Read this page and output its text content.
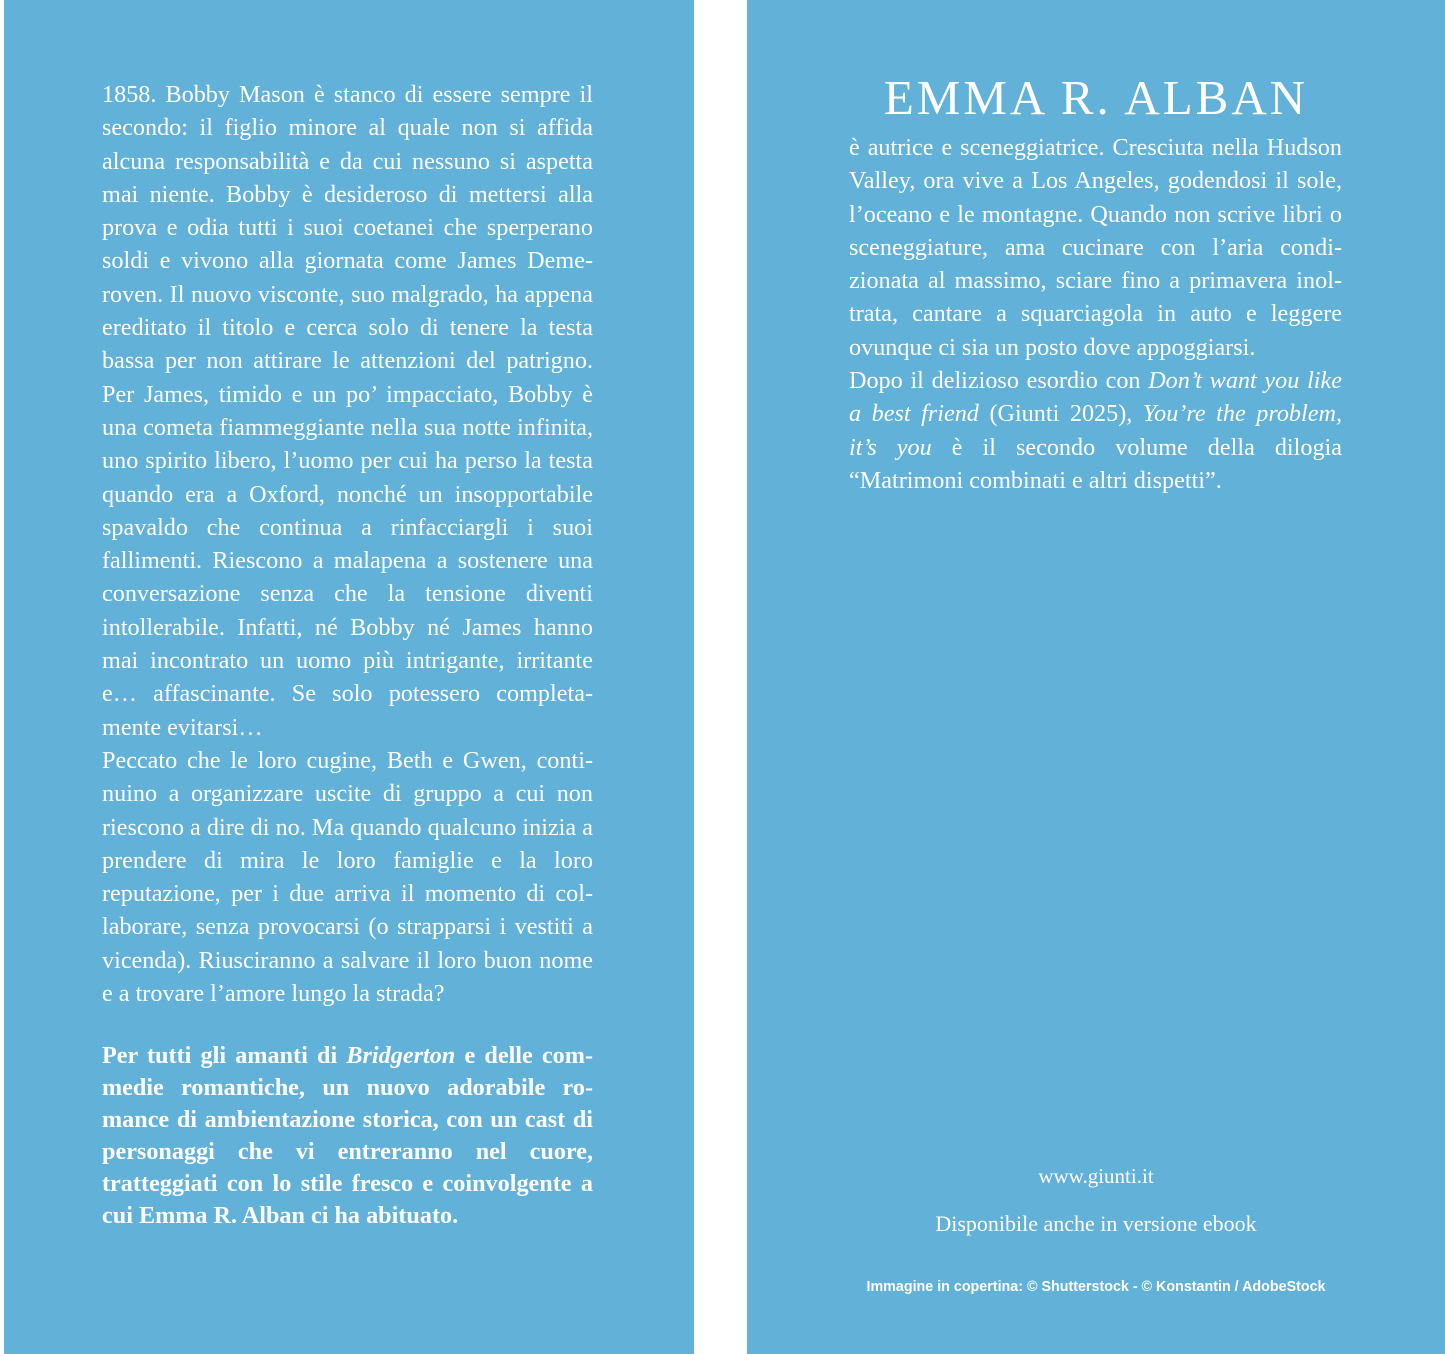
1858. Bobby Mason è stanco di essere sempre il secondo: il figlio minore al quale non si affida alcuna responsabilità e da cui nessuno si aspetta mai niente. Bobby è desideroso di mettersi alla prova e odia tutti i suoi coetanei che sperperano soldi e vivono alla giornata come James Demeroven. Il nuovo visconte, suo malgrado, ha appena ereditato il titolo e cerca solo di tenere la testa bassa per non attirare le attenzioni del patrigno. Per James, timido e un po’ impacciato, Bobby è una cometa fiammeggiante nella sua notte infinita, uno spirito libero, l’uomo per cui ha perso la testa quando era a Oxford, nonché un insopportabile spavaldo che continua a rinfacciargli i suoi fallimenti. Riescono a malapena a sostenere una conversazione senza che la tensione diventi intollerabile. Infatti, né Bobby né James hanno mai incontrato un uomo più intrigante, irritante e… affascinante. Se solo potessero completamente evitarsi…

Peccato che le loro cugine, Beth e Gwen, continuino a organizzare uscite di gruppo a cui non riescono a dire di no. Ma quando qualcuno inizia a prendere di mira le loro famiglie e la loro reputazione, per i due arriva il momento di collaborare, senza provocarsi (o strapparsi i vestiti a vicenda). Riusciranno a salvare il loro buon nome e a trovare l’amore lungo la strada?

Per tutti gli amanti di Bridgerton e delle commedie romantiche, un nuovo adorabile romance di ambientazione storica, con un cast di personaggi che vi entreranno nel cuore, tratteggiati con lo stile fresco e coinvolgente a cui Emma R. Alban ci ha abituato.

EMMA R. ALBAN

è autrice e sceneggiatrice. Cresciuta nella Hudson Valley, ora vive a Los Angeles, godendosi il sole, l’oceano e le montagne. Quando non scrive libri o sceneggiature, ama cucinare con l’aria condizionata al massimo, sciare fino a primavera inoltrata, cantare a squarciagola in auto e leggere ovunque ci sia un posto dove appoggiarsi.

Dopo il delizioso esordio con Don’t want you like a best friend (Giunti 2025), You’re the problem, it’s you è il secondo volume della dilogia “Matrimoni combinati e altri dispetti”.

www.giunti.it
Disponibile anche in versione ebook
Immagine in copertina: © Shutterstock - © Konstantin / AdobeStock
